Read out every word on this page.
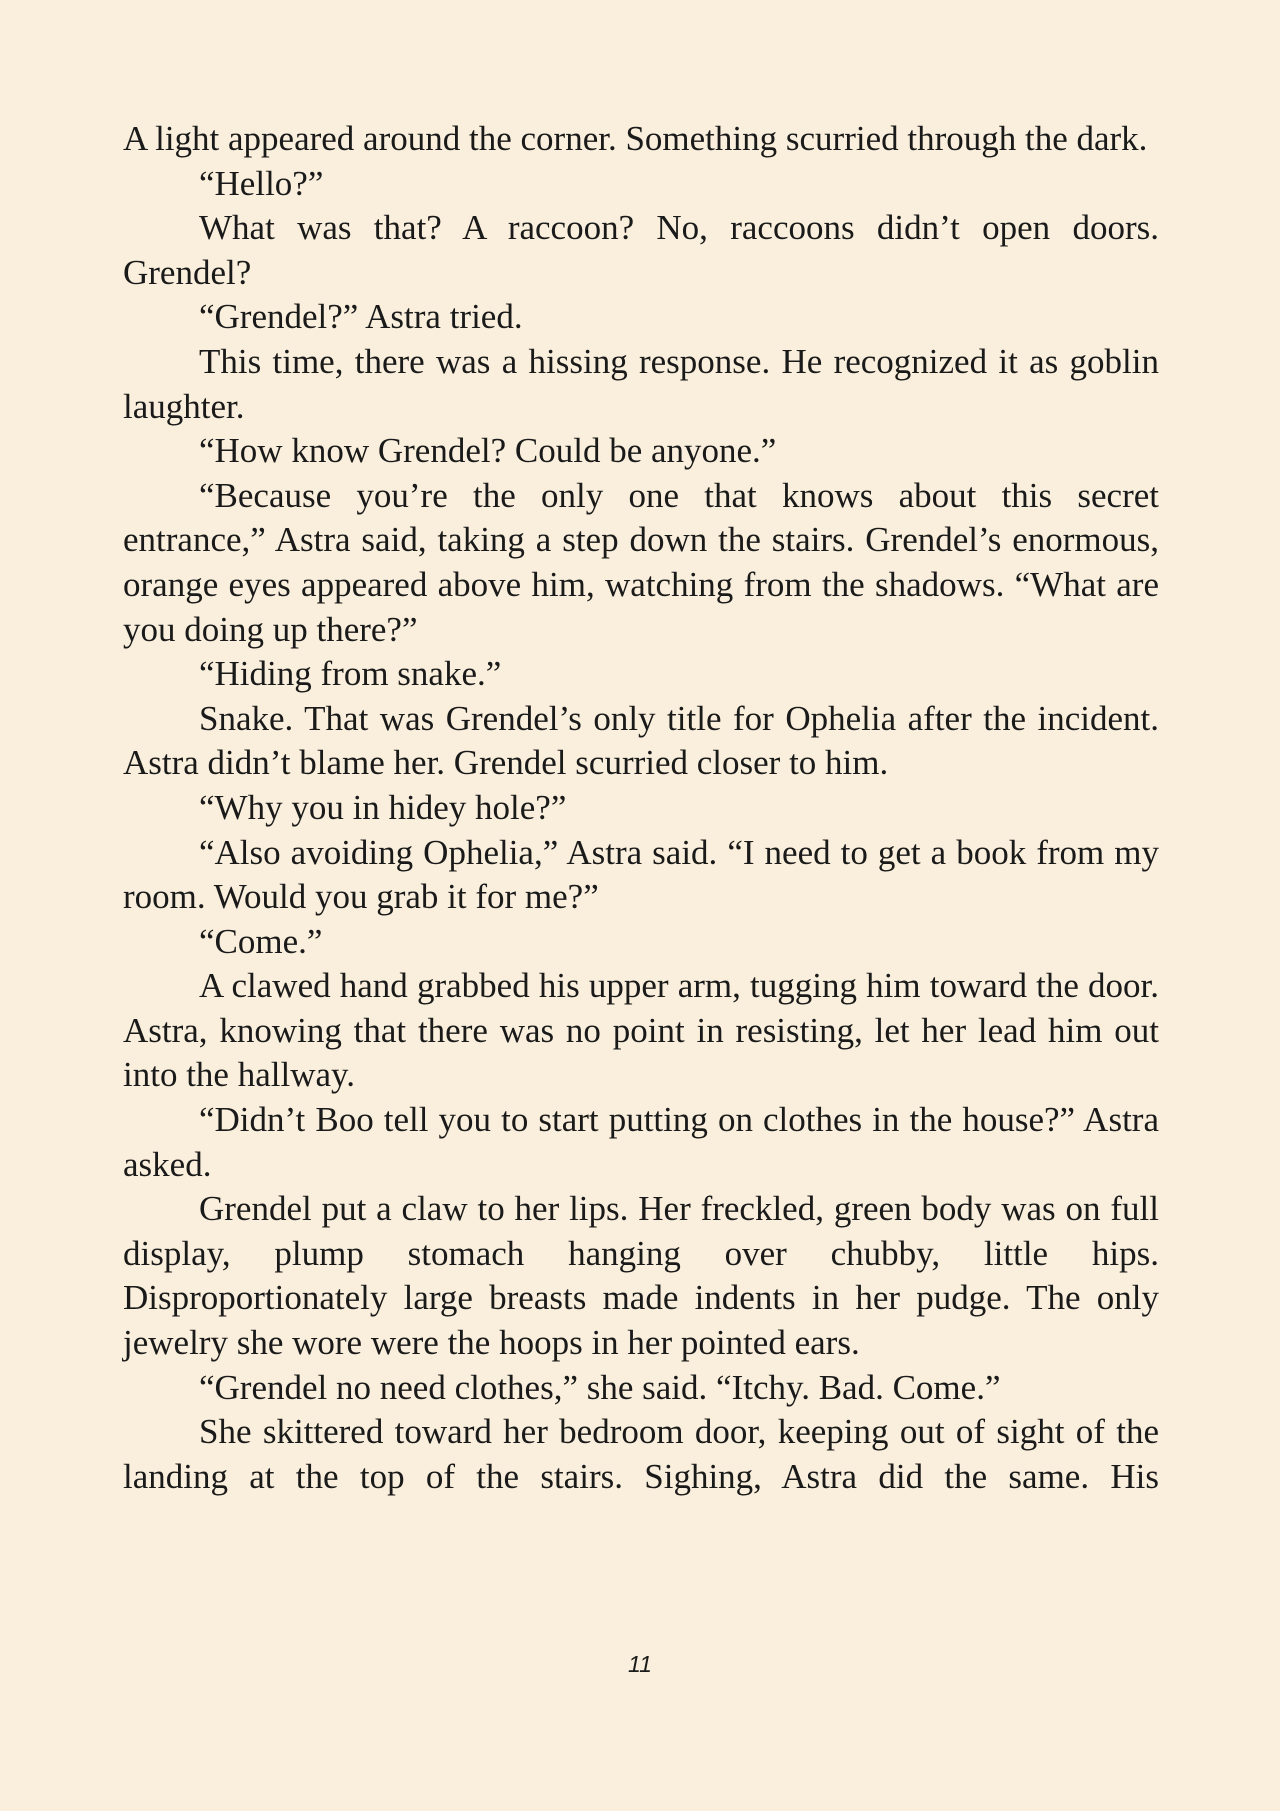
A light appeared around the corner. Something scurried through the dark.

“Hello?”

What was that? A raccoon? No, raccoons didn’t open doors. Grendel?

“Grendel?” Astra tried.

This time, there was a hissing response. He recognized it as goblin laughter.

“How know Grendel? Could be anyone.”

“Because you’re the only one that knows about this secret entrance,” Astra said, taking a step down the stairs. Grendel’s enormous, orange eyes appeared above him, watching from the shadows. “What are you doing up there?”

“Hiding from snake.”

Snake. That was Grendel’s only title for Ophelia after the incident. Astra didn’t blame her. Grendel scurried closer to him.

“Why you in hidey hole?”

“Also avoiding Ophelia,” Astra said. “I need to get a book from my room. Would you grab it for me?”

“Come.”

A clawed hand grabbed his upper arm, tugging him toward the door. Astra, knowing that there was no point in resisting, let her lead him out into the hallway.

“Didn’t Boo tell you to start putting on clothes in the house?” Astra asked.

Grendel put a claw to her lips. Her freckled, green body was on full display, plump stomach hanging over chubby, little hips. Disproportionately large breasts made indents in her pudge. The only jewelry she wore were the hoops in her pointed ears.

“Grendel no need clothes,” she said. “Itchy. Bad. Come.”

She skittered toward her bedroom door, keeping out of sight of the landing at the top of the stairs. Sighing, Astra did the same. His

11
